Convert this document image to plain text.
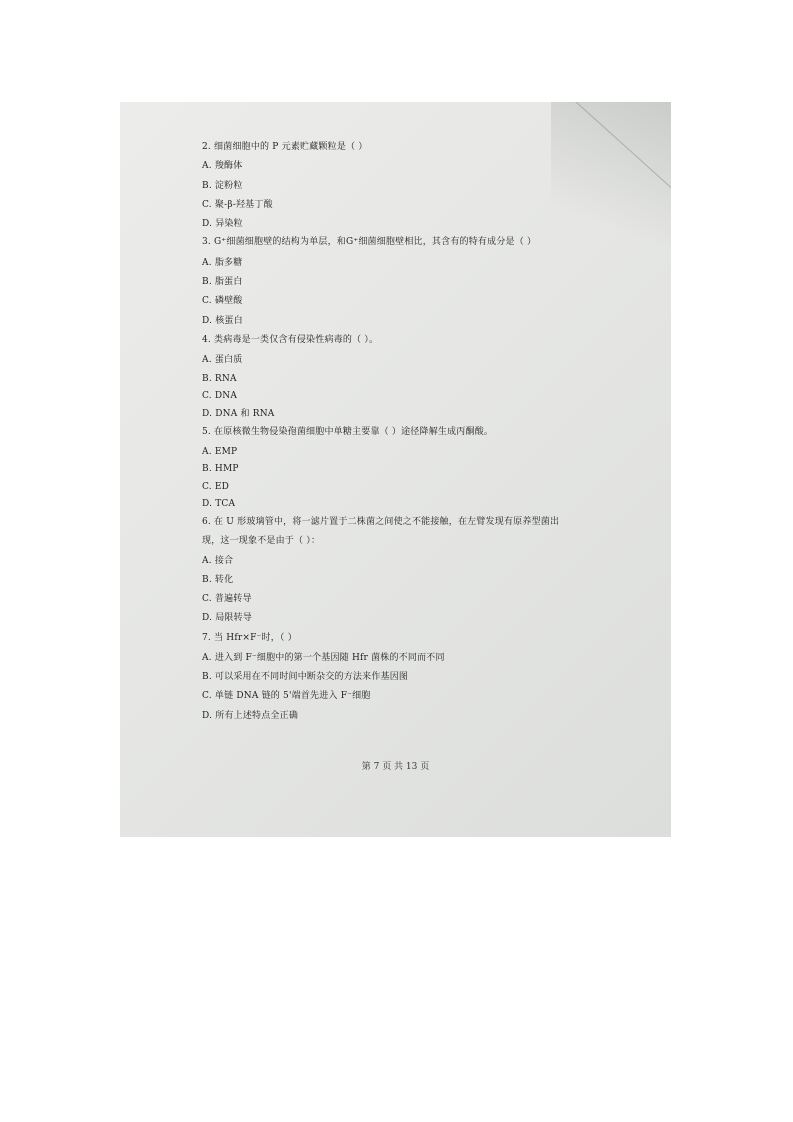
2. 细菌细胞中的 P 元素贮藏颗粒是（ ）
A. 羧酶体
B. 淀粉粒
C. 聚-β-羟基丁酸
D. 异染粒
3. G⁺细菌细胞壁的结构为单层，和G⁺细菌细胞壁相比，其含有的特有成分是（ ）
A. 脂多糖
B. 脂蛋白
C. 磷壁酸
D. 核蛋白
4. 类病毒是一类仅含有侵染性病毒的（ ）。
A. 蛋白质
B. RNA
C. DNA
D. DNA 和 RNA
5. 在原核微生物侵染孢菌细胞中单糖主要靠（ ）途径降解生成丙酮酸。
A. EMP
B. HMP
C. ED
D. TCA
6. 在 U 形玻璃管中，将一滤片置于二株菌之间使之不能接触，在左臂发现有原养型菌出
现，这一现象不是由于（ ）：
A. 接合
B. 转化
C. 普遍转导
D. 局限转导
7. 当 Hfr×F⁻时，（ ）
A. 进入到 F⁻细胞中的第一个基因随 Hfr 菌株的不同而不同
B. 可以采用在不同时间中断杂交的方法来作基因图
C. 单链 DNA 链的 5'端首先进入 F⁻细胞
D. 所有上述特点全正确
第 7 页 共 13 页
